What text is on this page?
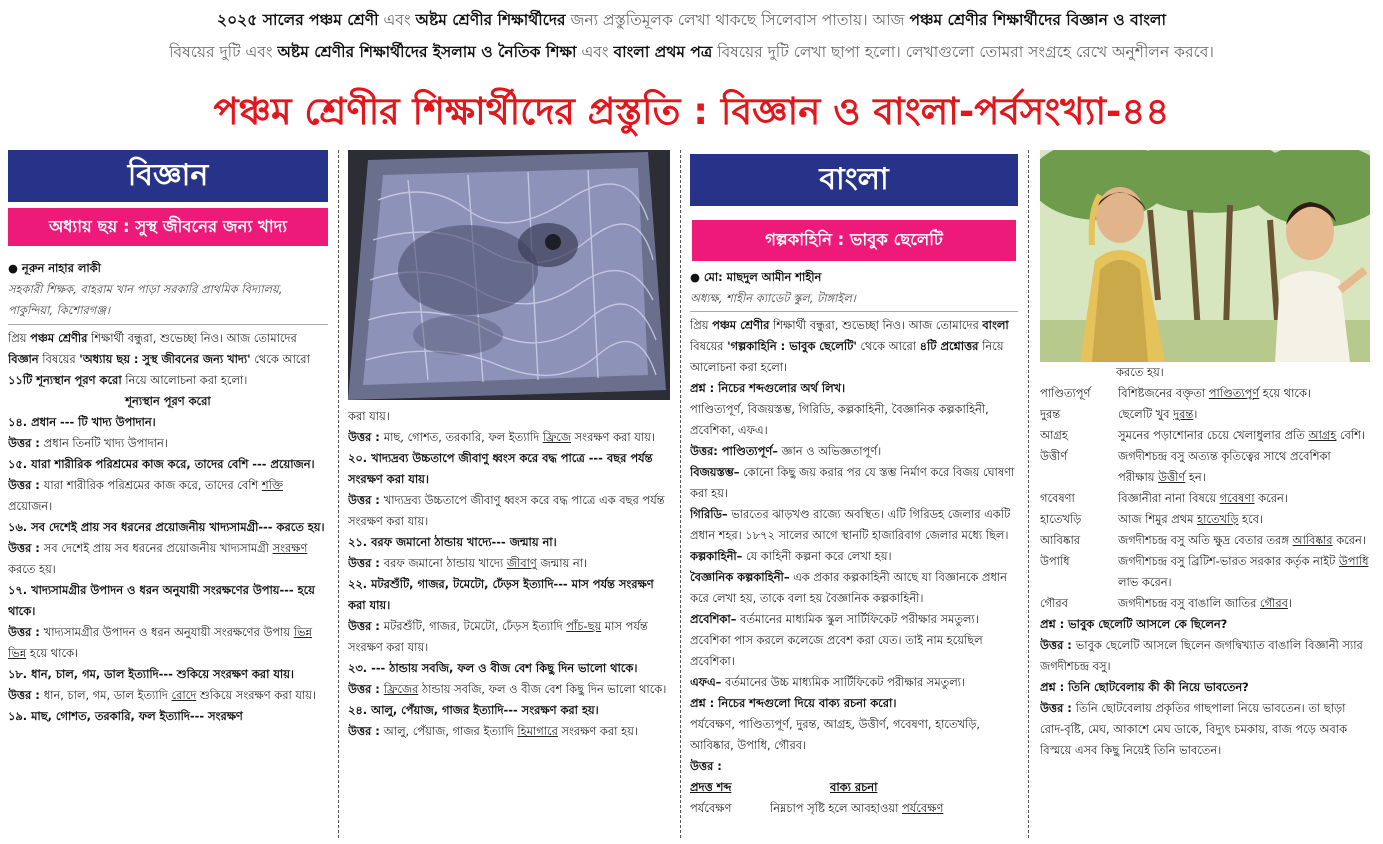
২০২৫ সালের পঞ্চম শ্রেণী এবং অষ্টম শ্রেণীর শিক্ষার্থীদের জন্য প্রস্তুতিমূলক লেখা থাকছে সিলেবাস পাতায়। আজ পঞ্চম শ্রেণীর শিক্ষার্থীদের বিজ্ঞান ও বাংলা
বিষয়ের দুটি এবং অষ্টম শ্রেণীর শিক্ষার্থীদের ইসলাম ও নৈতিক শিক্ষা এবং বাংলা প্রথম পত্র বিষয়ের দুটি লেখা ছাপা হলো। লেখাগুলো তোমরা সংগ্রহে রেখে অনুশীলন করবে।
পঞ্চম শ্রেণীর শিক্ষার্থীদের প্রস্তুতি : বিজ্ঞান ও বাংলা-পর্বসংখ্যা-৪৪
বিজ্ঞান
অধ্যায় ছয় : সুস্থ জীবনের জন্য খাদ্য

● নূরুন নাহার লাকী

সহকারী শিক্ষক, বাহরাম খান পাড়া সরকারি প্রাথমিক বিদ্যালয়, পাকুন্দিয়া, কিশোরগঞ্জ।

প্রিয় পঞ্চম শ্রেণীর শিক্ষার্থী বন্ধুরা, শুভেচ্ছা নিও। আজ তোমাদের বিজ্ঞান বিষয়ের 'অধ্যায় ছয় : সুস্থ জীবনের জন্য খাদ্য' থেকে আরো ১১টি শূন্যস্থান পূরণ করো নিয়ে আলোচনা করা হলো।

শূন্যস্থান পূরণ করো

১৪. প্রধান --- টি খাদ্য উপাদান।

উত্তর : প্রধান তিনটি খাদ্য উপাদান।

১৫. যারা শারীরিক পরিশ্রমের কাজ করে, তাদের বেশি --- প্রয়োজন।

উত্তর : যারা শারীরিক পরিশ্রমের কাজ করে, তাদের বেশি শক্তি প্রয়োজন।

১৬. সব দেশেই প্রায় সব ধরনের প্রয়োজনীয় খাদ্যসামগ্রী--- করতে হয়।

উত্তর : সব দেশেই প্রায় সব ধরনের প্রয়োজনীয় খাদ্যসামগ্রী সংরক্ষণ করতে হয়।

১৭. খাদ্যসামগ্রীর উপাদন ও ধরন অনুযায়ী সংরক্ষণের উপায়--- হয়ে থাকে।

উত্তর : খাদ্যসামগ্রীর উপাদন ও ধরন অনুযায়ী সংরক্ষণের উপায় ভিন্ন ভিন্ন হয়ে থাকে।

১৮. ধান, চাল, গম, ডাল ইত্যাদি--- শুকিয়ে সংরক্ষণ করা যায়।

উত্তর : ধান, চাল, গম, ডাল ইত্যাদি রোদে শুকিয়ে সংরক্ষণ করা যায়।

১৯. মাছ, গোশত, তরকারি, ফল ইত্যাদি--- সংরক্ষণ

করা যায়।

উত্তর : মাছ, গোশত, তরকারি, ফল ইত্যাদি ফ্রিজে সংরক্ষণ করা যায়।

২০. খাদ্যদ্রব্য উচ্চতাপে জীবাণু ধ্বংস করে বদ্ধ পাত্রে --- বছর পর্যন্ত সংরক্ষণ করা যায়।

উত্তর : খাদ্যদ্রব্য উচ্চতাপে জীবাণু ধ্বংস করে বদ্ধ পাত্রে এক বছর পর্যন্ত সংরক্ষণ করা যায়।

২১. বরফ জমানো ঠান্ডায় খাদ্যে--- জন্মায় না।

উত্তর : বরফ জমানো ঠান্ডায় খাদ্যে জীবাণু জন্মায় না।

২২. মটরশুঁটি, গাজর, টমেটো, ঢেঁড়স ইত্যাদি--- মাস পর্যন্ত সংরক্ষণ করা যায়।

উত্তর : মটরশুঁটি, গাজর, টমেটো, ঢেঁড়স ইত্যাদি পাঁচ-ছয় মাস পর্যন্ত সংরক্ষণ করা যায়।

২৩. --- ঠান্ডায় সবজি, ফল ও বীজ বেশ কিছু দিন ভালো থাকে।

উত্তর : ফ্রিজের ঠান্ডায় সবজি, ফল ও বীজ বেশ কিছু দিন ভালো থাকে।

২৪. আলু, পেঁয়াজ, গাজর ইত্যাদি--- সংরক্ষণ করা হয়।

উত্তর : আলু, পেঁয়াজ, গাজর ইত্যাদি হিমাগারে সংরক্ষণ করা হয়।

বাংলা
গল্পকাহিনি : ভাবুক ছেলেটি

● মো: মাছদুল আমীন শাহীন

অধ্যক্ষ, শাহীন ক্যাডেট স্কুল, টাঙ্গাইল।

প্রিয় পঞ্চম শ্রেণীর শিক্ষার্থী বন্ধুরা, শুভেচ্ছা নিও। আজ তোমাদের বাংলা বিষয়ের 'গল্পকাহিনি : ভাবুক ছেলেটি' থেকে আরো ৪টি প্রশ্নোত্তর নিয়ে আলোচনা করা হলো।

প্রশ্ন : নিচের শব্দগুলোর অর্থ লিখ।

পাণ্ডিত্যপূর্ণ, বিজয়স্তম্ভ, গিরিডি, কল্পকাহিনী, বৈজ্ঞানিক কল্পকাহিনী, প্রবেশিকা, এফএ।

উত্তর: পাণ্ডিত্যপূর্ণ– জ্ঞান ও অভিজ্ঞতাপূর্ণ।

বিজয়স্তম্ভ– কোনো কিছু জয় করার পর যে স্তম্ভ নির্মাণ করে বিজয় ঘোষণা করা হয়।

গিরিডি– ভারতের ঝাড়খণ্ড রাজ্যে অবস্থিত। এটি গিরিডহ জেলার একটি প্রধান শহর। ১৮৭২ সালের আগে স্থানটি হাজারিবাগ জেলার মধ্যে ছিল।

কল্পকাহিনী– যে কাহিনী কল্পনা করে লেখা হয়।

বৈজ্ঞানিক কল্পকাহিনী– এক প্রকার কল্পকাহিনী আছে যা বিজ্ঞানকে প্রধান করে লেখা হয়, তাকে বলা হয় বৈজ্ঞানিক কল্পকাহিনী।

প্রবেশিকা– বর্তমানের মাধ্যমিক স্কুল সার্টিফিকেট পরীক্ষার সমতুল্য। প্রবেশিকা পাস করলে কলেজে প্রবেশ করা যেত। তাই নাম হয়েছিল প্রবেশিকা।

এফএ– বর্তমানের উচ্চ মাধ্যমিক সার্টিফিকেট পরীক্ষার সমতুল্য।

প্রশ্ন : নিচের শব্দগুলো দিয়ে বাক্য রচনা করো।

পর্যবেক্ষণ, পাণ্ডিত্যপূর্ণ, দুরন্ত, আগ্রহ, উত্তীর্ণ, গবেষণা, হাতেখড়ি, আবিষ্কার, উপাধি, গৌরব।

উত্তর :

প্রদত্ত শব্দ	বাক্য রচনা
পর্যবেক্ষণ	নিম্নচাপ সৃষ্টি হলে আবহাওয়া পর্যবেক্ষণ

করতে হয়।

পাণ্ডিত্যপূর্ণ	বিশিষ্টজনের বক্তৃতা পাণ্ডিত্যপূর্ণ হয়ে থাকে।
দুরন্ত	ছেলেটি খুব দুরন্ত।
আগ্রহ	সুমনের পড়াশোনার চেয়ে খেলাধুলার প্রতি আগ্রহ বেশি।
উত্তীর্ণ	জগদীশচন্দ্র বসু অত্যন্ত কৃতিত্বের সাথে প্রবেশিকা পরীক্ষায় উত্তীর্ণ হন।
গবেষণা	বিজ্ঞানীরা নানা বিষয়ে গবেষণা করেন।
হাতেখড়ি	আজ শিমুর প্রথম হাতেখড়ি হবে।
আবিষ্কার	জগদীশচন্দ্র বসু অতি ক্ষুদ্র বেতার তরঙ্গ আবিষ্কার করেন।
উপাধি	জগদীশচন্দ্র বসু ব্রিটিশ-ভারত সরকার কর্তৃক নাইট উপাধি লাভ করেন।
গৌরব	জগদীশচন্দ্র বসু বাঙালি জাতির গৌরব।

প্রশ্ন : ভাবুক ছেলেটি আসলে কে ছিলেন?

উত্তর : ভাবুক ছেলেটি আসলে ছিলেন জগদ্বিখ্যাত বাঙালি বিজ্ঞানী স্যার জগদীশচন্দ্র বসু।

প্রশ্ন : তিনি ছোটবেলায় কী কী নিয়ে ভাবতেন?

উত্তর : তিনি ছোটবেলায় প্রকৃতির গাছপালা নিয়ে ভাবতেন। তা ছাড়া রোদ-বৃষ্টি, মেঘ, আকাশে মেঘ ডাকে, বিদ্যুৎ চমকায়, বাজ পড়ে অবাক বিস্ময়ে এসব কিছু নিয়েই তিনি ভাবতেন।
